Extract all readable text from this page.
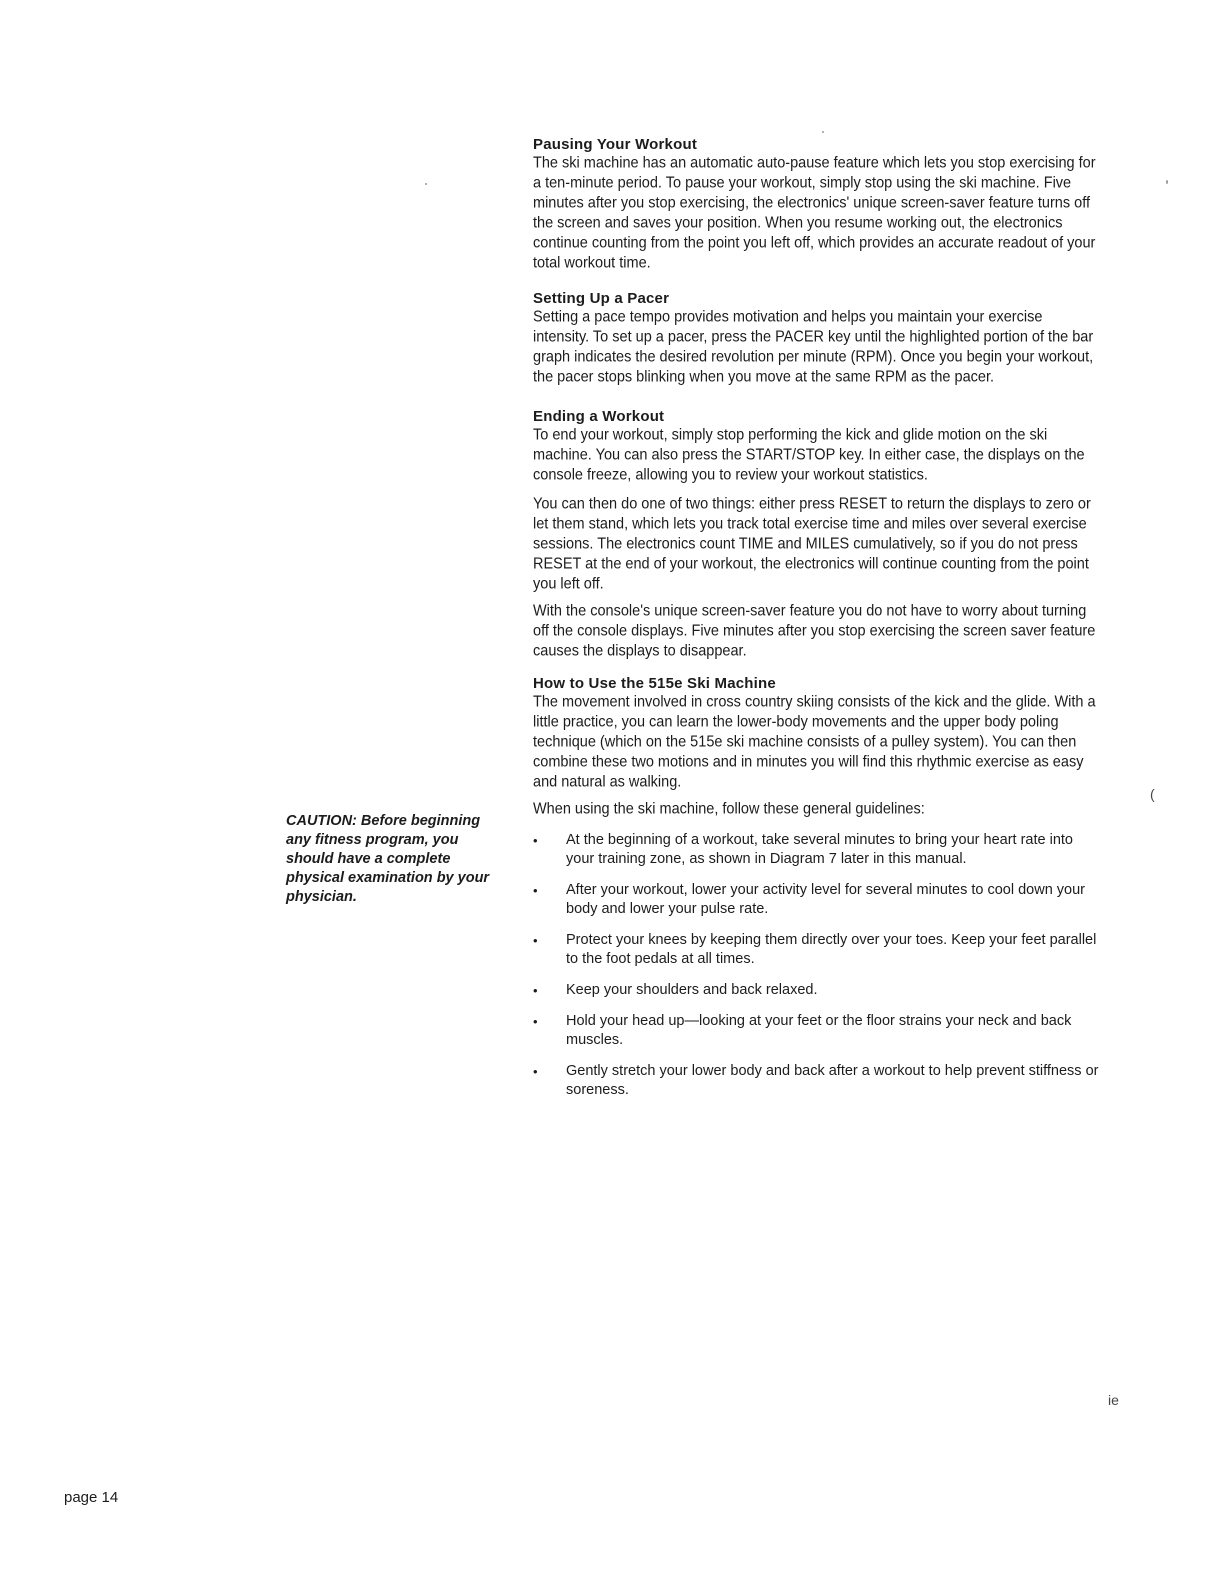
Pausing Your Workout

The ski machine has an automatic auto-pause feature which lets you stop exercising for a ten-minute period. To pause your workout, simply stop using the ski machine. Five minutes after you stop exercising, the electronics' unique screen-saver feature turns off the screen and saves your position. When you resume working out, the electronics continue counting from the point you left off, which provides an accurate readout of your total workout time.

Setting Up a Pacer

Setting a pace tempo provides motivation and helps you maintain your exercise intensity. To set up a pacer, press the PACER key until the highlighted portion of the bar graph indicates the desired revolution per minute (RPM). Once you begin your workout, the pacer stops blinking when you move at the same RPM as the pacer.

Ending a Workout

To end your workout, simply stop performing the kick and glide motion on the ski machine. You can also press the START/STOP key. In either case, the displays on the console freeze, allowing you to review your workout statistics.

You can then do one of two things: either press RESET to return the displays to zero or let them stand, which lets you track total exercise time and miles over several exercise sessions. The electronics count TIME and MILES cumulatively, so if you do not press RESET at the end of your workout, the electronics will continue counting from the point you left off.

With the console's unique screen-saver feature you do not have to worry about turning off the console displays. Five minutes after you stop exercising the screen saver feature causes the displays to disappear.

How to Use the 515e Ski Machine

The movement involved in cross country skiing consists of the kick and the glide. With a little practice, you can learn the lower-body movements and the upper body poling technique (which on the 515e ski machine consists of a pulley system). You can then combine these two motions and in minutes you will find this rhythmic exercise as easy and natural as walking.

When using the ski machine, follow these general guidelines:

•	At the beginning of a workout, take several minutes to bring your heart rate into your training zone, as shown in Diagram 7 later in this manual.
•	After your workout, lower your activity level for several minutes to cool down your body and lower your pulse rate.
•	Protect your knees by keeping them directly over your toes. Keep your feet parallel to the foot pedals at all times.
•	Keep your shoulders and back relaxed.
•	Hold your head up—looking at your feet or the floor strains your neck and back muscles.
•	Gently stretch your lower body and back after a workout to help prevent stiffness or soreness.

CAUTION: Before beginning any fitness program, you should have a complete physical examination by your physician.

page 14

(

ie
